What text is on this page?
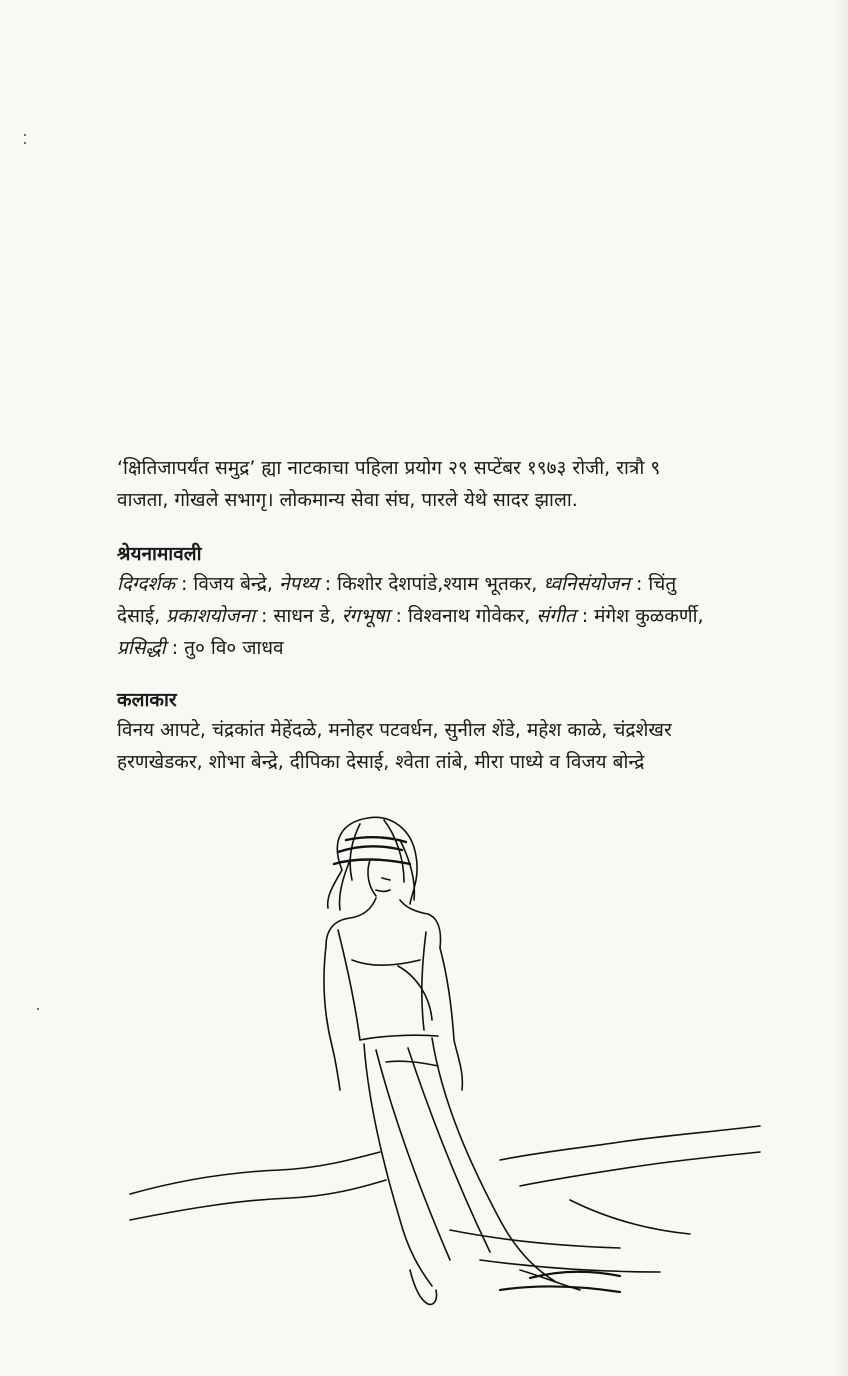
‘क्षितिजापर्यंत समुद्र’ ह्या नाटकाचा पहिला प्रयोग २९ सप्टेंबर १९७३ रोजी, रात्रौ ९
वाजता, गोखले सभागृ। लोकमान्य सेवा संघ, पारले येथे सादर झाला.
श्रेयनामावली
दिग्दर्शक : विजय बेन्द्रे, नेपथ्य : किशोर देशपांडे,श्याम भूतकर, ध्वनिसंयोजन : चिंतु
देसाई, प्रकाशयोजना : साधन डे, रंगभूषा : विश्वनाथ गोवेकर, संगीत : मंगेश कुळकर्णी,
प्रसिद्धी : तु० वि० जाधव
कलाकार
विनय आपटे, चंद्रकांत मेहेंदळे, मनोहर पटवर्धन, सुनील शेंडे, महेश काळे, चंद्रशेखर
हरणखेडकर, शोभा बेन्द्रे, दीपिका देसाई, श्वेता तांबे, मीरा पाध्ये व विजय बोन्द्रे
